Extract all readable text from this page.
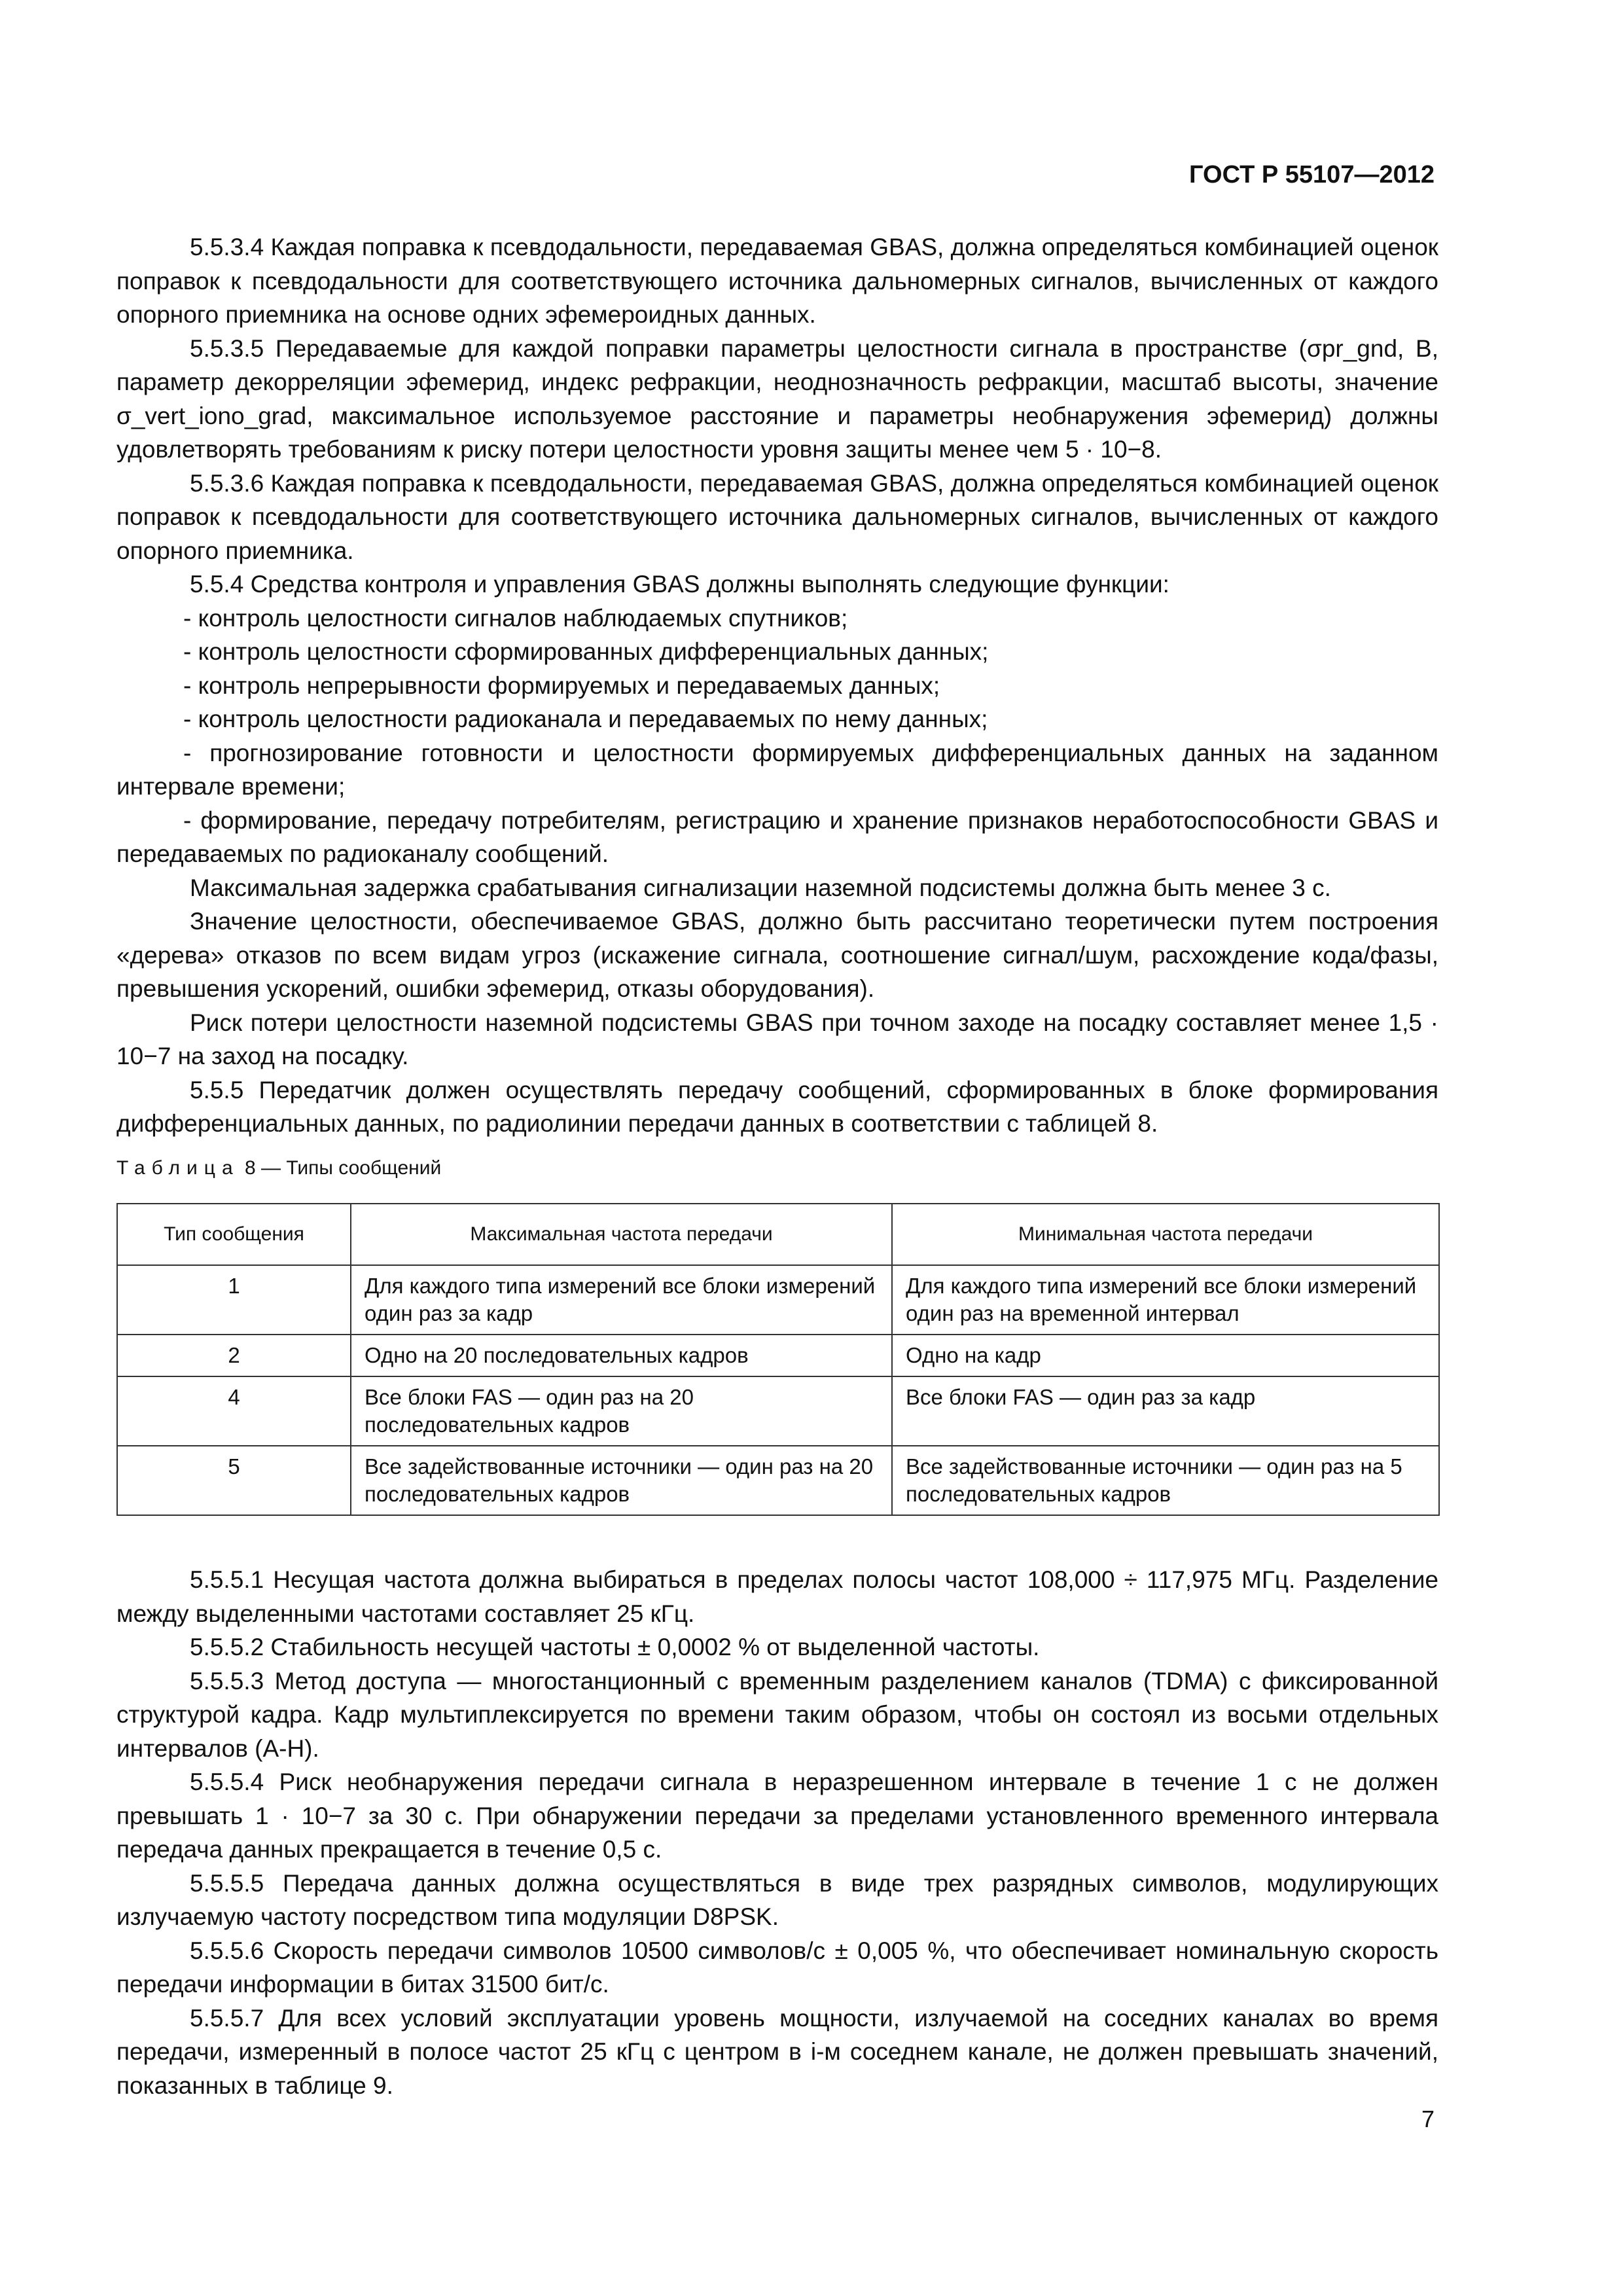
ГОСТ Р 55107—2012

5.5.3.4 Каждая поправка к псевдодальности, передаваемая GBAS, должна определяться комбинацией оценок поправок к псевдодальности для соответствующего источника дальномерных сигналов, вычисленных от каждого опорного приемника на основе одних эфемероидных данных.

5.5.3.5 Передаваемые для каждой поправки параметры целостности сигнала в пространстве (σpr_gnd, B, параметр декорреляции эфемерид, индекс рефракции, неоднозначность рефракции, масштаб высоты, значение σ_vert_iono_grad, максимальное используемое расстояние и параметры необнаружения эфемерид) должны удовлетворять требованиям к риску потери целостности уровня защиты менее чем 5 · 10−8.

5.5.3.6 Каждая поправка к псевдодальности, передаваемая GBAS, должна определяться комбинацией оценок поправок к псевдодальности для соответствующего источника дальномерных сигналов, вычисленных от каждого опорного приемника.

5.5.4 Средства контроля и управления GBAS должны выполнять следующие функции:

- контроль целостности сигналов наблюдаемых спутников;

- контроль целостности сформированных дифференциальных данных;

- контроль непрерывности формируемых и передаваемых данных;

- контроль целостности радиоканала и передаваемых по нему данных;

- прогнозирование готовности и целостности формируемых дифференциальных данных на заданном интервале времени;

- формирование, передачу потребителям, регистрацию и хранение признаков неработоспособности GBAS и передаваемых по радиоканалу сообщений.

Максимальная задержка срабатывания сигнализации наземной подсистемы должна быть менее 3 с.

Значение целостности, обеспечиваемое GBAS, должно быть рассчитано теоретически путем построения «дерева» отказов по всем видам угроз (искажение сигнала, соотношение сигнал/шум, расхождение кода/фазы, превышения ускорений, ошибки эфемерид, отказы оборудования).

Риск потери целостности наземной подсистемы GBAS при точном заходе на посадку составляет менее 1,5 · 10−7 на заход на посадку.

5.5.5 Передатчик должен осуществлять передачу сообщений, сформированных в блоке формирования дифференциальных данных, по радиолинии передачи данных в соответствии с таблицей 8.

Таблица 8 — Типы сообщений
Тип сообщения	Максимальная частота передачи	Минимальная частота передачи
1	Для каждого типа измерений все блоки измерений один раз за кадр	Для каждого типа измерений все блоки измерений один раз на временной интервал
2	Одно на 20 последовательных кадров	Одно на кадр
4	Все блоки FAS — один раз на 20 последовательных кадров	Все блоки FAS — один раз за кадр
5	Все задействованные источники — один раз на 20 последовательных кадров	Все задействованные источники — один раз на 5 последовательных кадров

5.5.5.1 Несущая частота должна выбираться в пределах полосы частот 108,000 ÷ 117,975 МГц. Разделение между выделенными частотами составляет 25 кГц.

5.5.5.2 Стабильность несущей частоты ± 0,0002 % от выделенной частоты.

5.5.5.3 Метод доступа — многостанционный с временным разделением каналов (TDMA) с фиксированной структурой кадра. Кадр мультиплексируется по времени таким образом, чтобы он состоял из восьми отдельных интервалов (A-H).

5.5.5.4 Риск необнаружения передачи сигнала в неразрешенном интервале в течение 1 с не должен превышать 1 · 10−7 за 30 с. При обнаружении передачи за пределами установленного временного интервала передача данных прекращается в течение 0,5 с.

5.5.5.5 Передача данных должна осуществляться в виде трех разрядных символов, модулирующих излучаемую частоту посредством типа модуляции D8PSK.

5.5.5.6 Скорость передачи символов 10500 символов/с ± 0,005 %, что обеспечивает номинальную скорость передачи информации в битах 31500 бит/с.

5.5.5.7 Для всех условий эксплуатации уровень мощности, излучаемой на соседних каналах во время передачи, измеренный в полосе частот 25 кГц с центром в i-м соседнем канале, не должен превышать значений, показанных в таблице 9.

7
